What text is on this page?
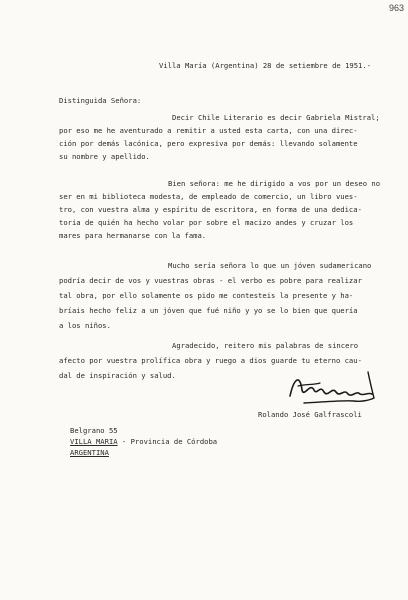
963
Villa María (Argentina) 28 de setiembre de 1951.-
Distinguida Señora:
Decir Chile Literario es decir Gabriela Mistral;
por eso me he aventurado a remitir a usted esta carta, con una direc-
ción por demás lacónica, pero expresiva por demás: llevando solamente
su nombre y apellido.
Bien señora: me he dirigido a vos por un deseo no
ser en mi biblioteca modesta, de empleado de comercio, un libro vues-
tro, con vuestra alma y espíritu de escritora, en forma de una dedica-
toria de quién ha hecho volar por sobre el macizo andes y cruzar los
mares para hermanarse con la fama.
Mucho sería señora lo que un jóven sudamericano
podría decir de vos y vuestras obras - el verbo es pobre para realizar
tal obra, por ello solamente os pido me contesteis la presente y ha-
bríais hecho feliz a un jóven que fué niño y yo se lo bien que quería
a los niños.
Agradecido, reitero mis palabras de sincero
afecto por vuestra prolífica obra y ruego a dios guarde tu eterno cau-
dal de inspiración y salud.
Rolando José Galfrascoli
Belgrano 55
VILLA MARIA - Provincia de Córdoba
ARGENTINA
